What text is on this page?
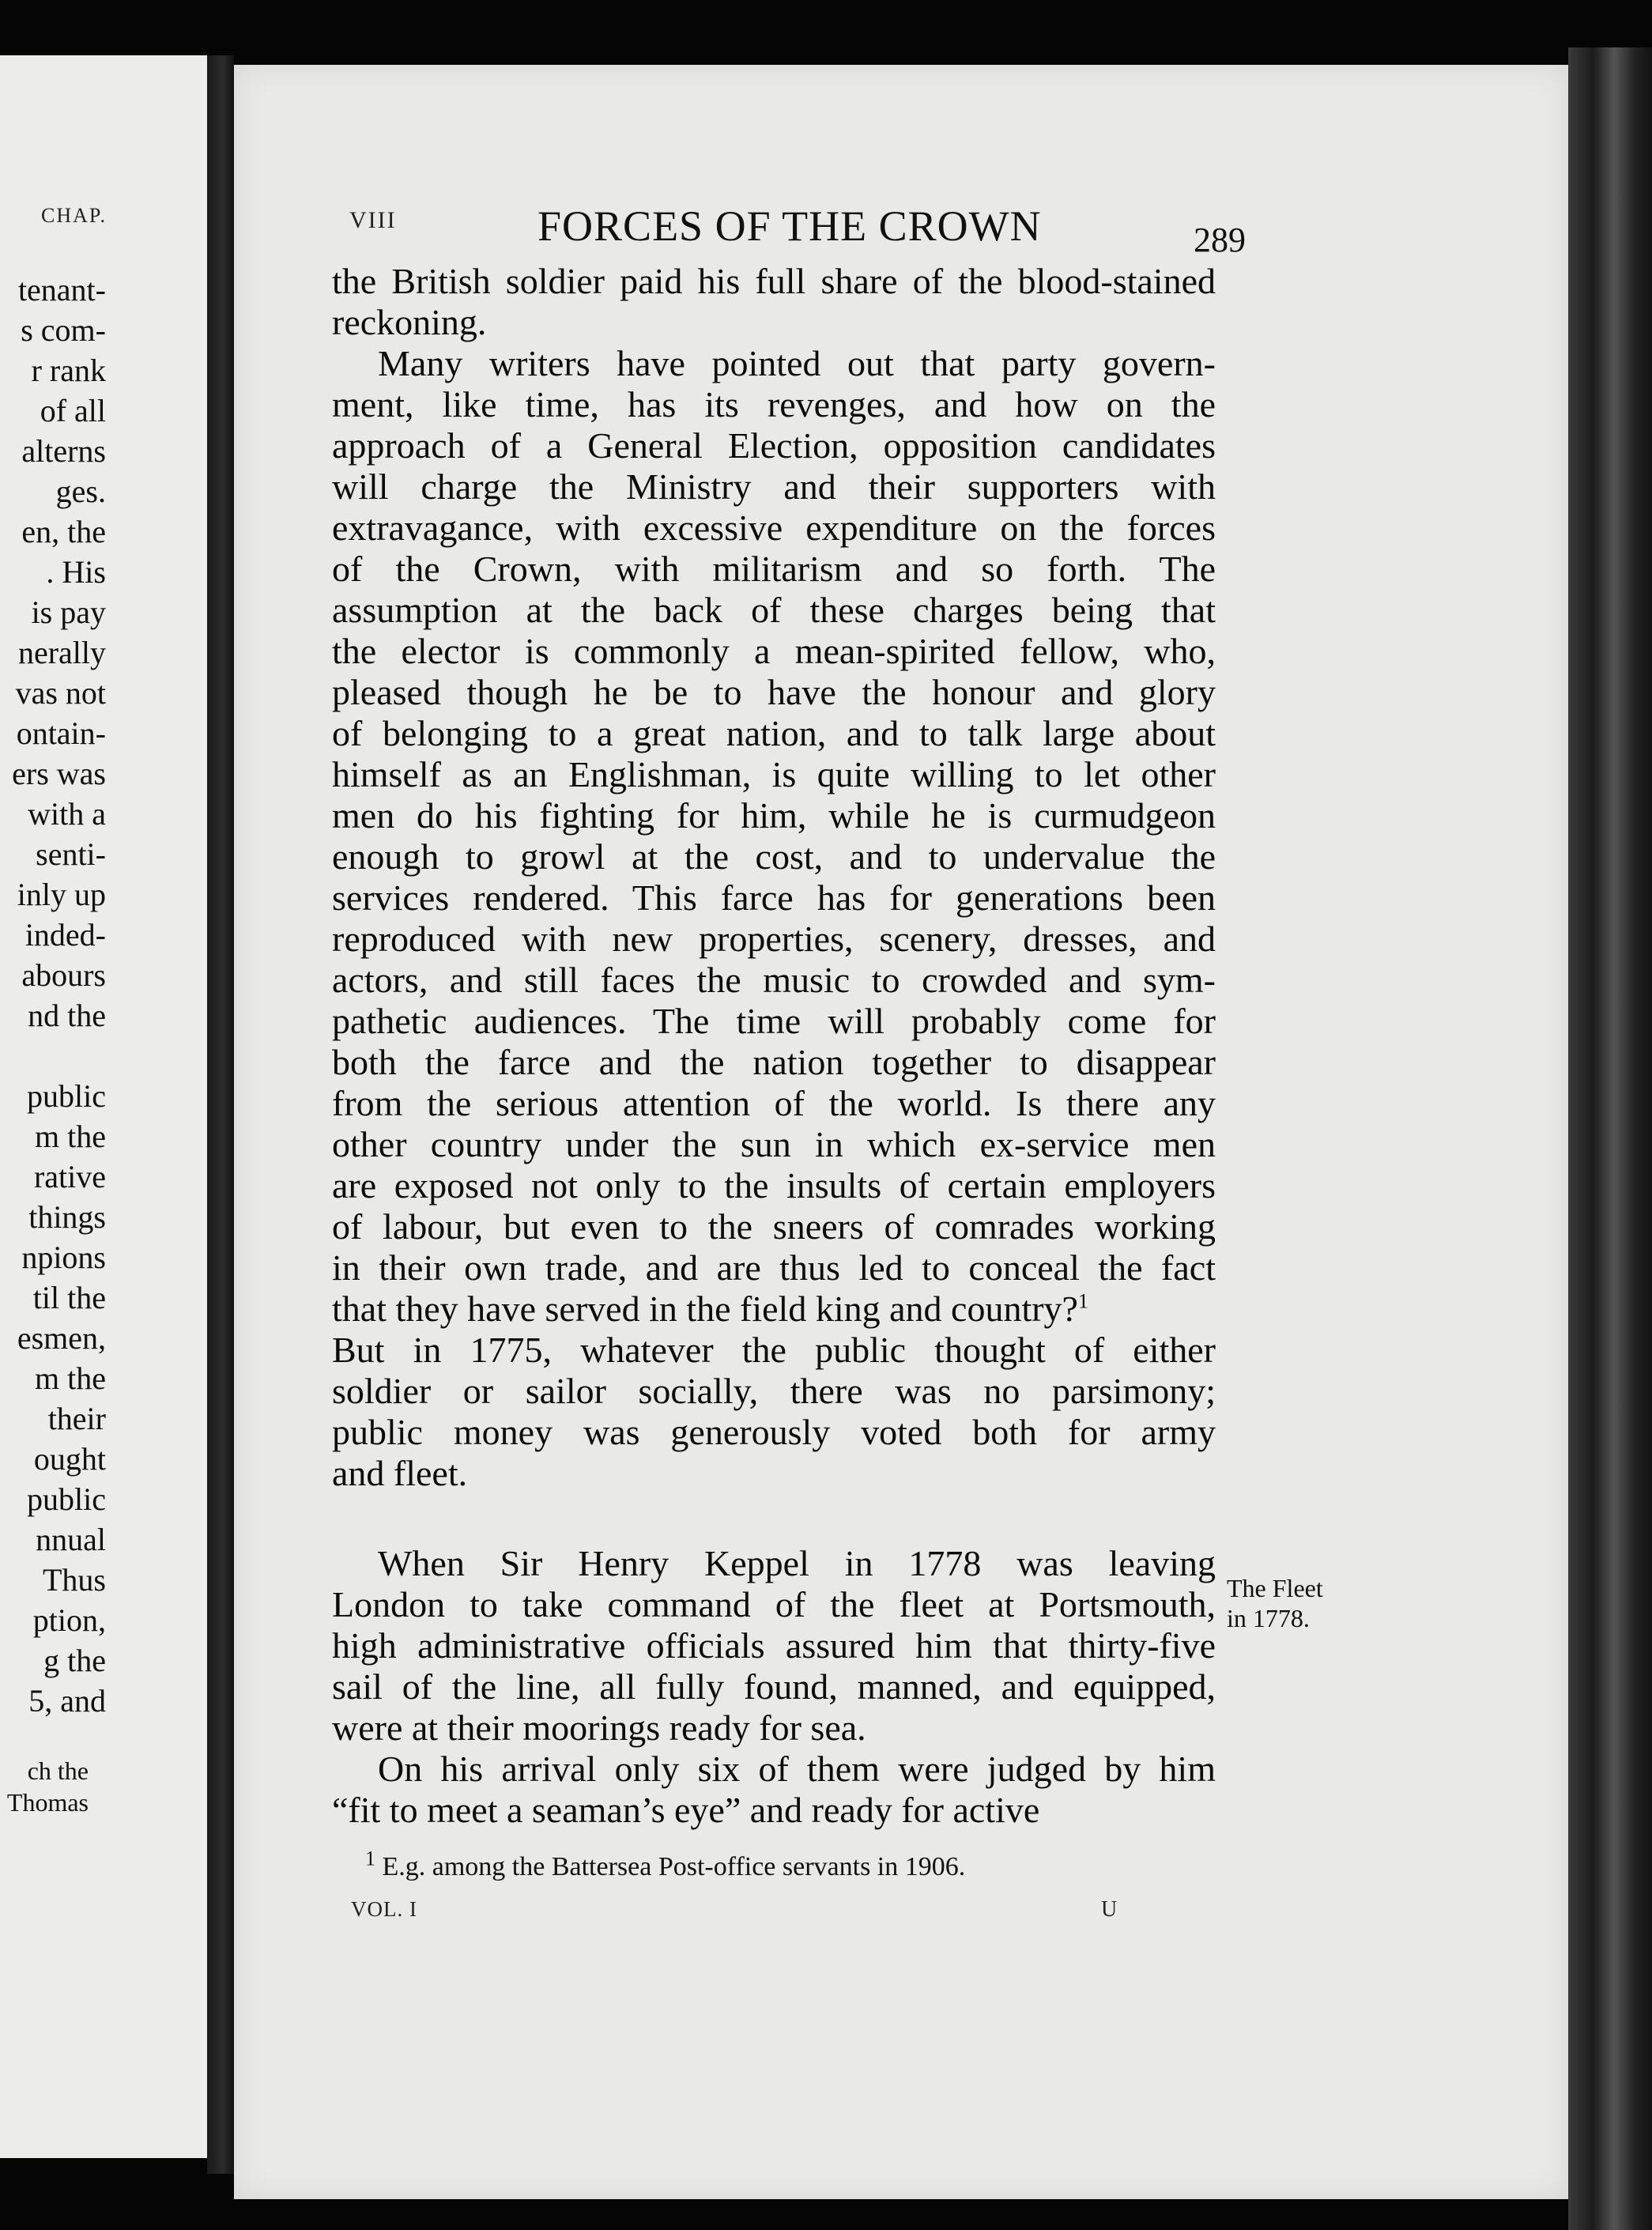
CHAP.
tenant-
s com-
r rank
of all
alterns
ges.
en, the
. His
is pay
nerally
vas not
ontain-
ers was
with a
senti-
inly up
inded-
abours
nd the
public
m the
rative
things
npions
til the
esmen,
m the
their
ought
public
nnual
Thus
ption,
g the
5, and
ch the
Thomas
VIII	FORCES OF THE CROWN	289
the British soldier paid his full share of the blood-stained
reckoning.
Many writers have pointed out that party govern-
ment, like time, has its revenges, and how on the
approach of a General Election, opposition candidates
will charge the Ministry and their supporters with
extravagance, with excessive expenditure on the forces
of the Crown, with militarism and so forth. The
assumption at the back of these charges being that
the elector is commonly a mean-spirited fellow, who,
pleased though he be to have the honour and glory
of belonging to a great nation, and to talk large about
himself as an Englishman, is quite willing to let other
men do his fighting for him, while he is curmudgeon
enough to growl at the cost, and to undervalue the
services rendered. This farce has for generations been
reproduced with new properties, scenery, dresses, and
actors, and still faces the music to crowded and sym-
pathetic audiences. The time will probably come for
both the farce and the nation together to disappear
from the serious attention of the world. Is there any
other country under the sun in which ex-service men
are exposed not only to the insults of certain employers
of labour, but even to the sneers of comrades working
in their own trade, and are thus led to conceal the fact
that they have served in the field king and country?$^1$
But in 1775, whatever the public thought of either
soldier or sailor socially, there was no parsimony;
public money was generously voted both for army
and fleet.
When Sir Henry Keppel in 1778 was leaving
London to take command of the fleet at Portsmouth,
high administrative officials assured him that thirty-five
sail of the line, all fully found, manned, and equipped,
were at their moorings ready for sea.
On his arrival only six of them were judged by him
“fit to meet a seaman’s eye” and ready for active
The Fleet
in 1778.
$^1$ E.g. among the Battersea Post-office servants in 1906.
VOL. I	U
